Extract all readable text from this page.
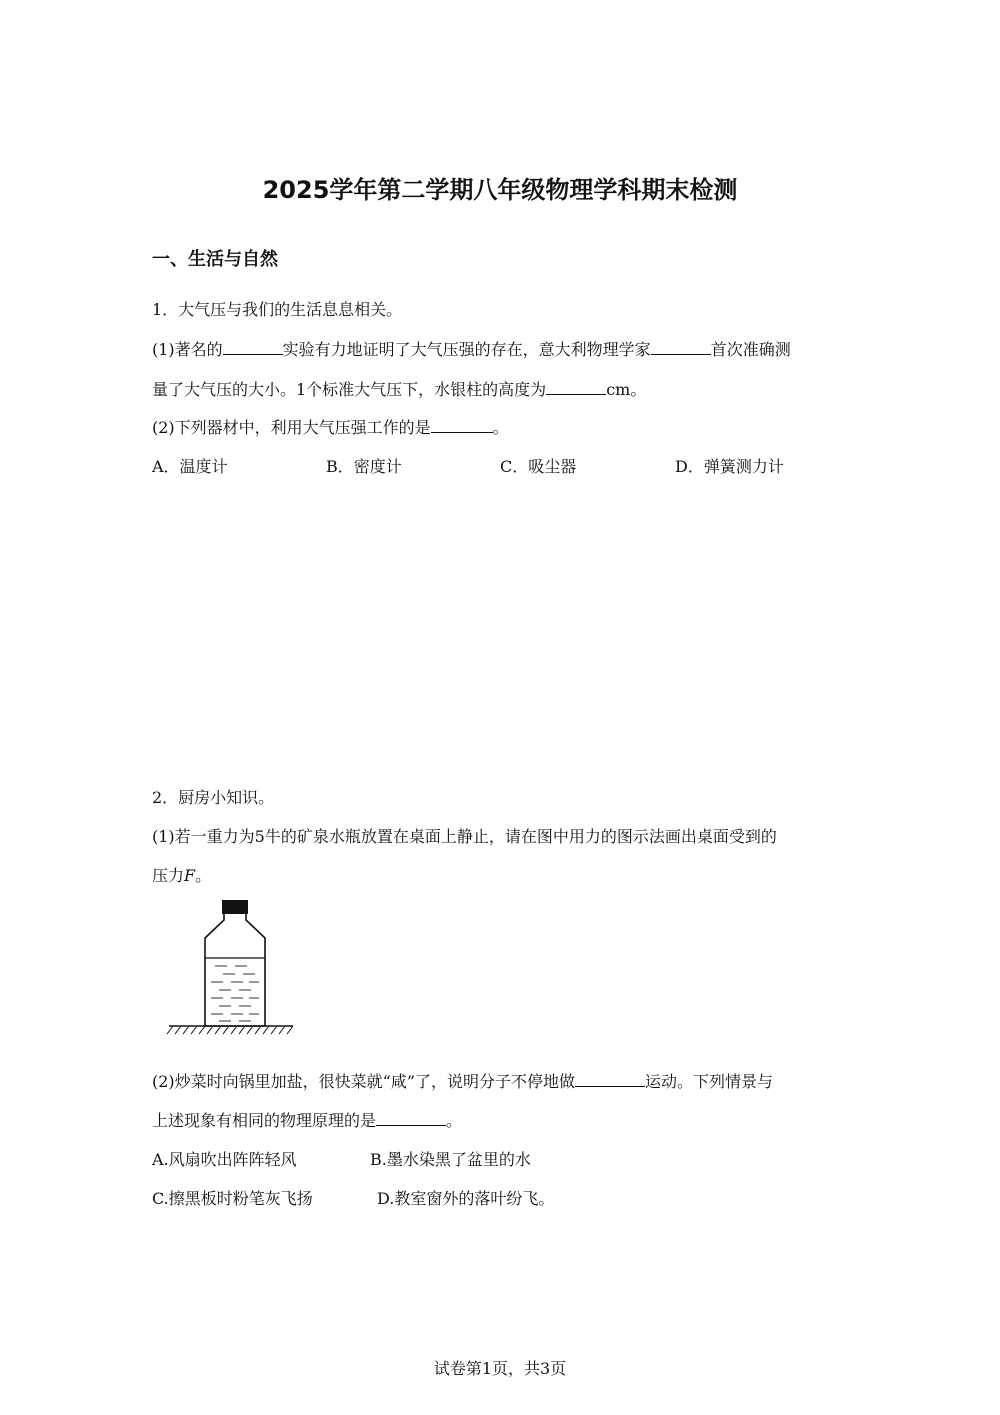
2025学年第二学期八年级物理学科期末检测
一、生活与自然
1．大气压与我们的生活息息相关。
(1)著名的	实验有力地证明了大气压强的存在，意大利物理学家	首次准确测
量了大气压的大小。1个标准大气压下，水银柱的高度为	cm。
(2)下列器材中，利用大气压强工作的是	。
A．温度计	B．密度计	C．吸尘器	D．弹簧测力计
2．厨房小知识。
(1)若一重力为5牛的矿泉水瓶放置在桌面上静止，请在图中用力的图示法画出桌面受到的
压力F。
(2)炒菜时向锅里加盐，很快菜就“咸”了，说明分子不停地做	运动。下列情景与
上述现象有相同的物理原理的是	。
A.风扇吹出阵阵轻风	B.墨水染黑了盆里的水
C.擦黑板时粉笔灰飞扬	D.教室窗外的落叶纷飞。
试卷第1页，共3页
